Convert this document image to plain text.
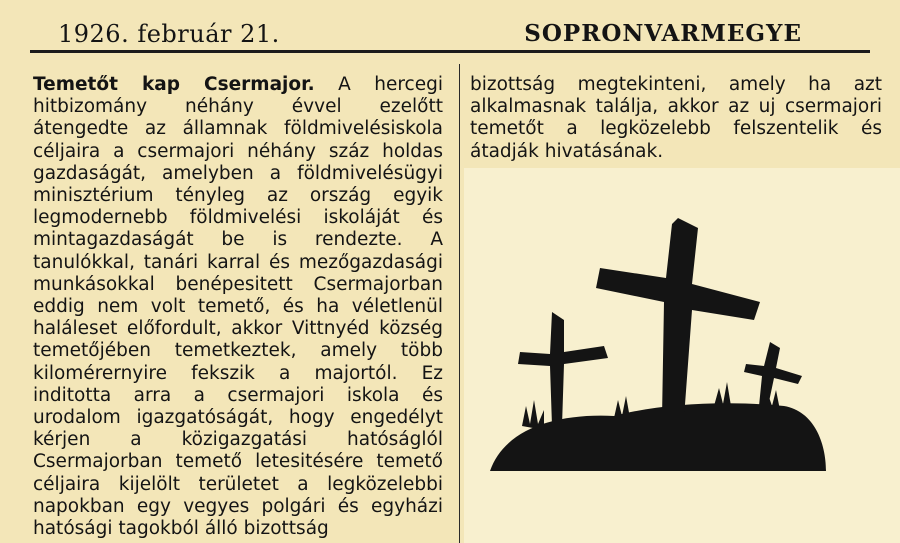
1926. február 21.	SOPRONVARMEGYE

Temetőt kap Csermajor. A hercegi hitbizomány néhány évvel ezelőtt átengedte az államnak földmivelésiskola céljaira a csermajori néhány száz holdas gazdaságát, amelyben a földmivelésügyi minisztérium tényleg az ország egyik legmodernebb földmivelési iskoláját és mintagazdaságát be is rendezte. A tanulókkal, tanári karral és mezőgazdasági munkásokkal benépesitett Csermajorban eddig nem volt temető, és ha véletlenül haláleset előfordult, akkor Vittnyéd község temetőjében temetkeztek, amely több kilomérernyire fekszik a majortól. Ez inditotta arra a csermajori iskola és urodalom igazgatóságát, hogy engedélyt kérjen a közigazgatási hatóságlól Csermajorban temető letesitésére temető céljaira kijelölt területet a legközelebbi napokban egy vegyes polgári és egyházi hatósági tagokból álló bizottság

bizottság megtekinteni, amely ha azt alkalmasnak találja, akkor az uj csermajori temetőt a legközelebb felszentelik és átadják hivatásának.
